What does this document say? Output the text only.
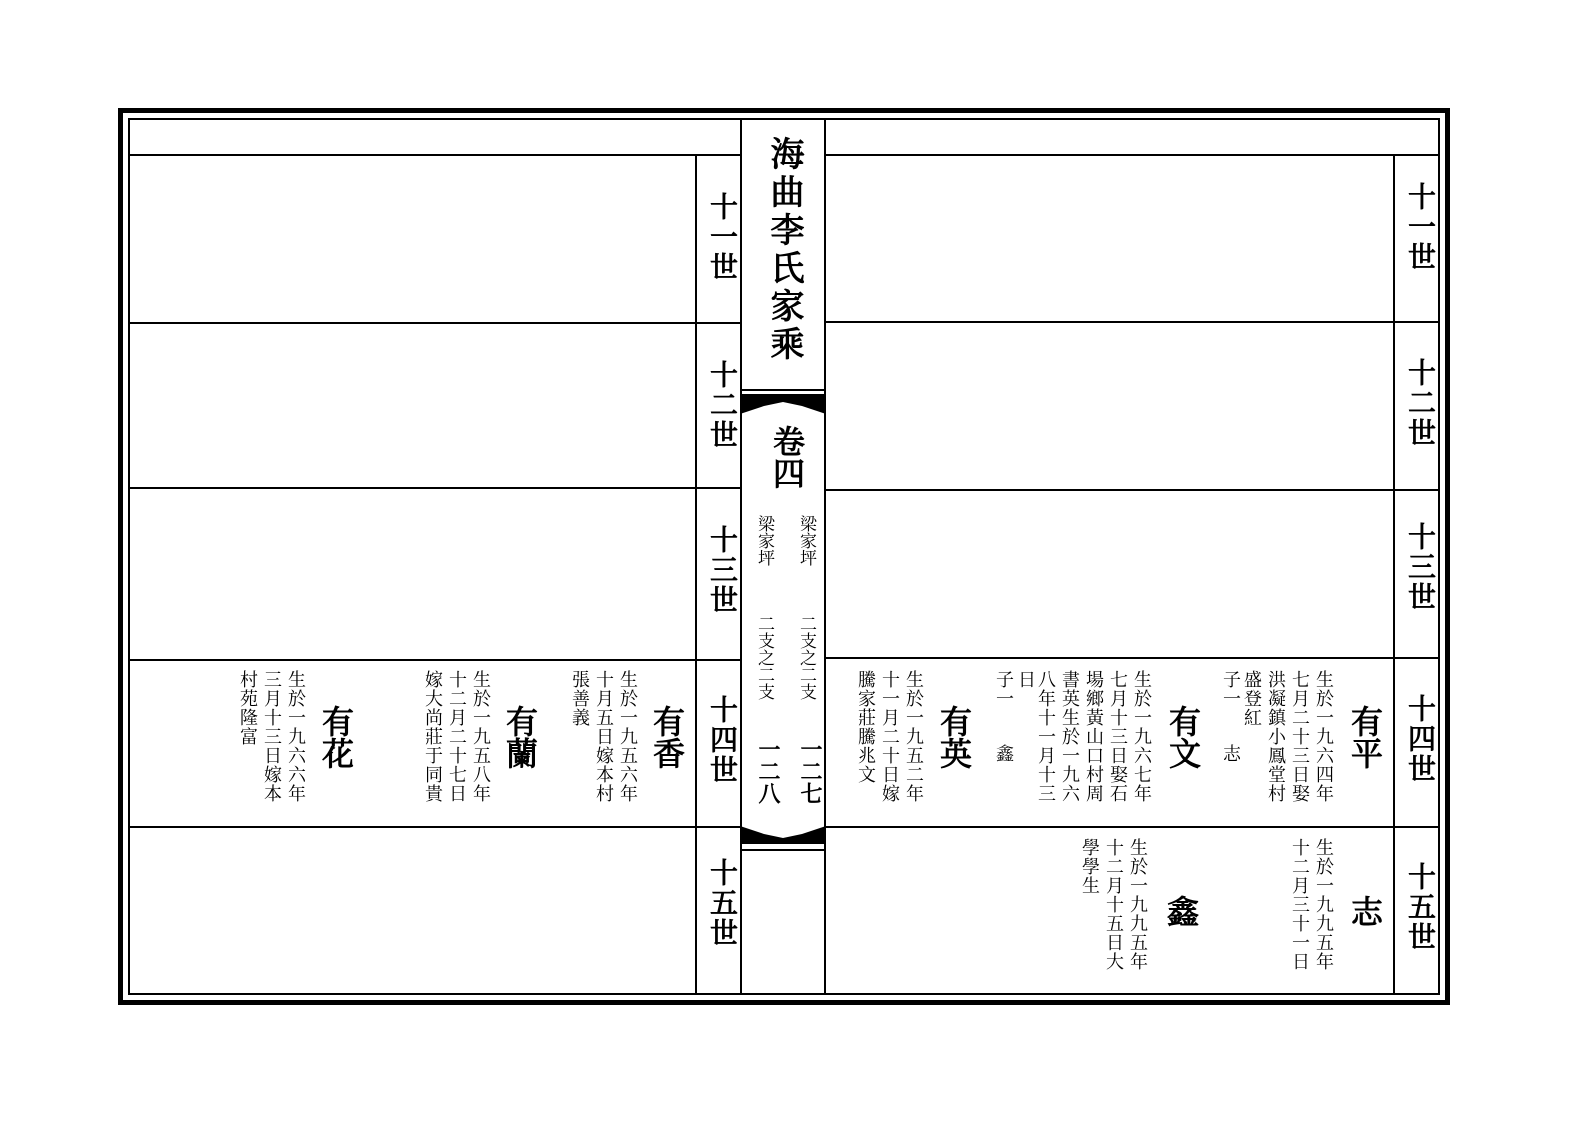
海曲李氏家乘
卷四
梁家坪
二支之二支
一二七
梁家坪
二支之二支
一二八
十一世
十二世
十三世
十四世
十五世
十一世
十二世
十三世
十四世
十五世
有香
生於一九五六年
十月五日嫁本村
張善義
有蘭
生於一九五八年
十二月二十七日
嫁大尚莊于同貴
有花
生於一九六六年
三月十三日嫁本
村苑隆富	有平
生於一九六四年
七月二十三日娶
洪凝鎮小鳳堂村
盛登紅
子一
志
有文
生於一九六七年
七月十三日娶石
場鄉黃山口村周
書英生於一九六
八年十一月十三
日
子一
鑫
有英
生於一九五二年
十一月二十日嫁
騰家莊騰兆文
志
生於一九九五年
十二月三十一日
鑫
生於一九九五年
十二月十五日大
學學生
